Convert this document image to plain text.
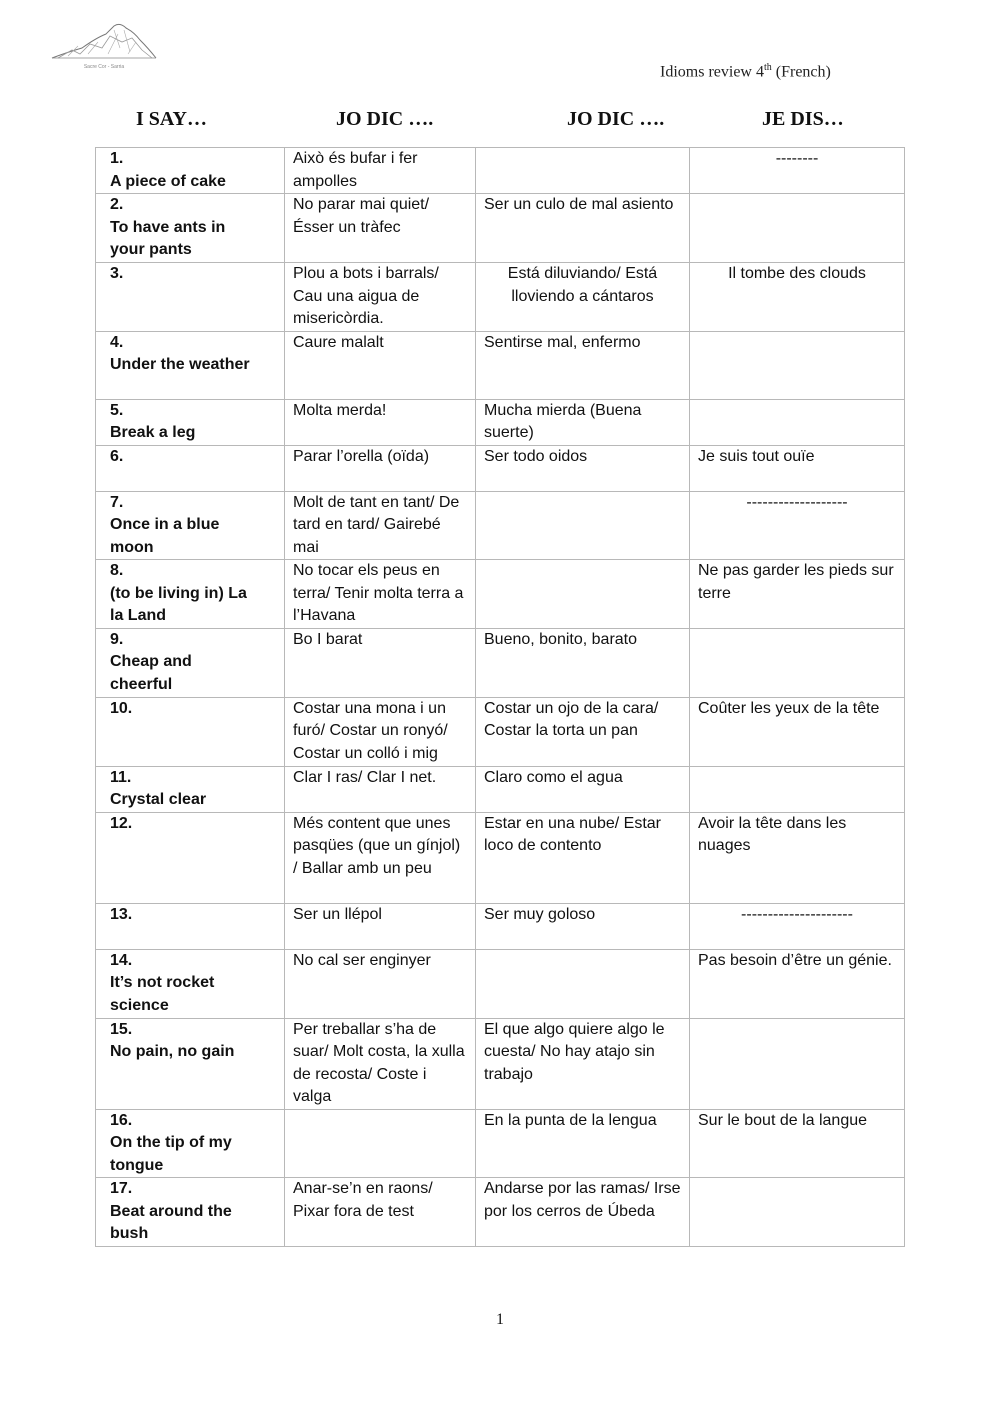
Sacre Cor - Sarria	Idioms review 4th (French)
I SAY…	JO DIC ….	JO DIC ….	JE DIS…
1.A piece of cake	Això és bufar i fer ampolles		--------
2.To have ants in your pants	No parar mai quiet/ Ésser un tràfec	Ser un culo de mal asiento	
3.	Plou a bots i barrals/ Cau una aigua de misericòrdia.	Está diluviando/ Está lloviendo a cántaros	Il tombe des clouds
4.Under the weather	Caure malalt	Sentirse mal, enfermo	
5.Break a leg	Molta merda!	Mucha mierda (Buena suerte)	
6.	Parar l’orella (oïda)	Ser todo oidos	Je suis tout ouïe
7.Once in a blue moon	Molt de tant en tant/ De tard en tard/ Gairebé mai		-------------------
8.(to be living in) La la Land	No tocar els peus en terra/ Tenir molta terra a l’Havana		Ne pas garder les pieds sur terre
9.Cheap and cheerful	Bo I barat	Bueno, bonito, barato	
10.	Costar una mona i un furó/ Costar un ronyó/ Costar un colló i mig	Costar un ojo de la cara/ Costar la torta un pan	Coûter les yeux de la tête
11.Crystal clear	Clar I ras/ Clar I net.	Claro como el agua	
12.	Més content que unes pasqües (que un gínjol) / Ballar amb un peu	Estar en una nube/ Estar loco de contento	Avoir la tête dans les nuages
13.	Ser un llépol	Ser muy goloso	---------------------
14.It’s not rocket science	No cal ser enginyer		Pas besoin d’être un génie.
15.No pain, no gain	Per treballar s’ha de suar/ Molt costa, la xulla de recosta/ Coste i valga	El que algo quiere algo le cuesta/ No hay atajo sin trabajo	
16.On the tip of my tongue		En la punta de la lengua	Sur le bout de la langue
17.Beat around the bush	Anar-se’n en raons/ Pixar fora de test	Andarse por las ramas/ Irse por los cerros de Úbeda	
1
